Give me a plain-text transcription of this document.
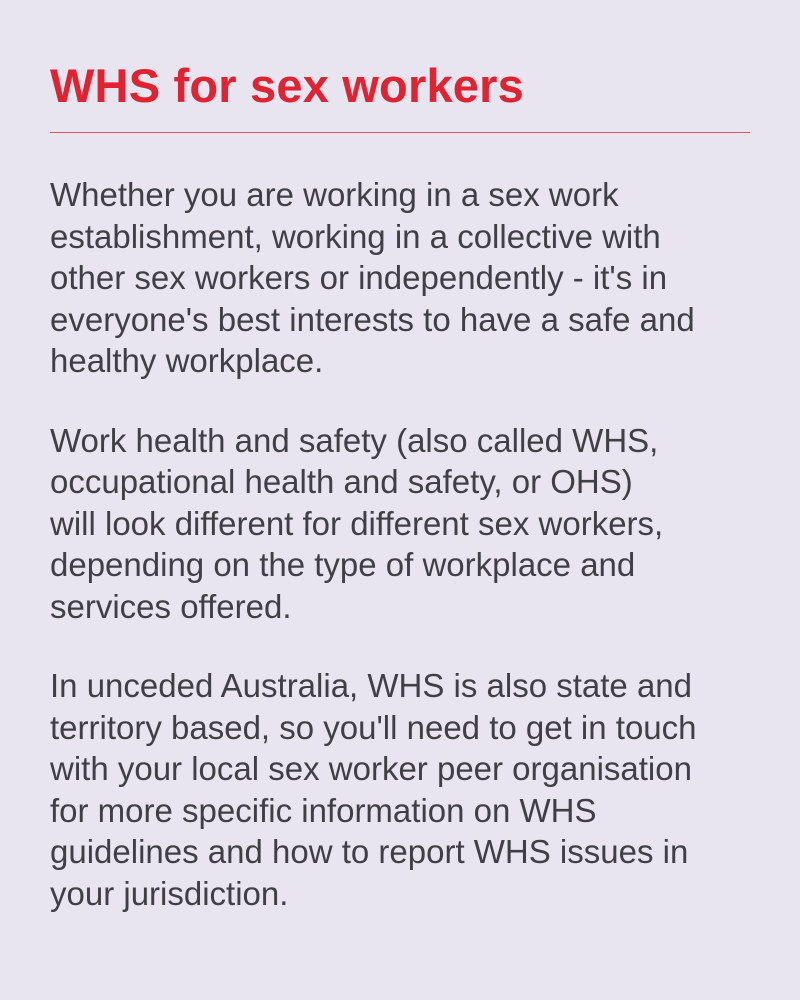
WHS for sex workers

Whether you are working in a sex work
establishment, working in a collective with
other sex workers or independently - it's in
everyone's best interests to have a safe and
healthy workplace.

Work health and safety (also called WHS,
occupational health and safety, or OHS)
will look different for different sex workers,
depending on the type of workplace and
services offered.

In unceded Australia, WHS is also state and
territory based, so you'll need to get in touch
with your local sex worker peer organisation
for more specific information on WHS
guidelines and how to report WHS issues in
your jurisdiction.
